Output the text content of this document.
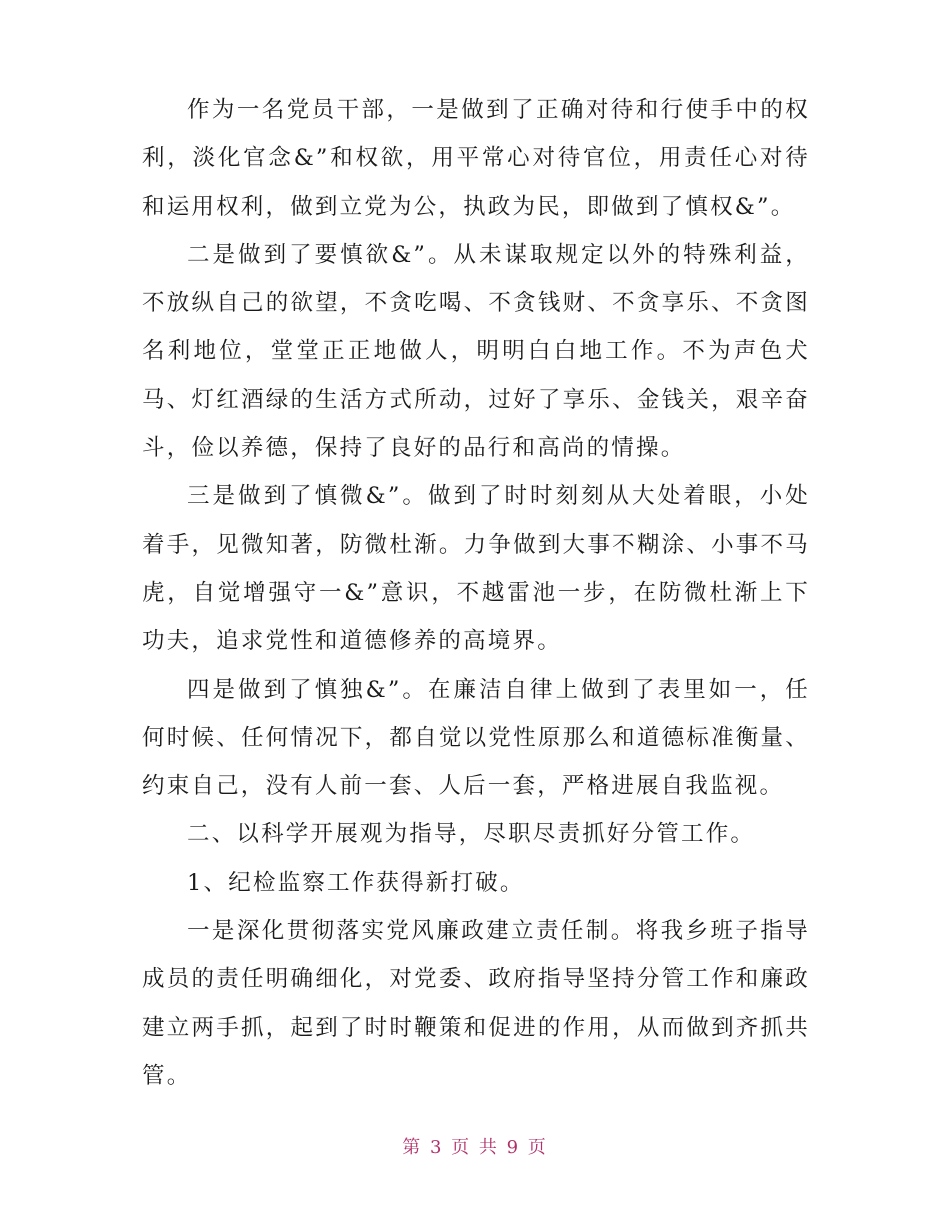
作为一名党员干部，一是做到了正确对待和行使手中的权利，淡化官念&”和权欲，用平常心对待官位，用责任心对待和运用权利，做到立党为公，执政为民，即做到了慎权&”。

二是做到了要慎欲&”。从未谋取规定以外的特殊利益，不放纵自己的欲望，不贪吃喝、不贪钱财、不贪享乐、不贪图名利地位，堂堂正正地做人，明明白白地工作。不为声色犬马、灯红酒绿的生活方式所动，过好了享乐、金钱关，艰辛奋斗，俭以养德，保持了良好的品行和高尚的情操。

三是做到了慎微&”。做到了时时刻刻从大处着眼，小处着手，见微知著，防微杜渐。力争做到大事不糊涂、小事不马虎，自觉增强守一&”意识，不越雷池一步，在防微杜渐上下功夫，追求党性和道德修养的高境界。

四是做到了慎独&”。在廉洁自律上做到了表里如一，任何时候、任何情况下，都自觉以党性原那么和道德标准衡量、约束自己，没有人前一套、人后一套，严格进展自我监视。

二、以科学开展观为指导，尽职尽责抓好分管工作。

1、纪检监察工作获得新打破。

一是深化贯彻落实党风廉政建立责任制。将我乡班子指导成员的责任明确细化，对党委、政府指导坚持分管工作和廉政建立两手抓，起到了时时鞭策和促进的作用，从而做到齐抓共管。

第 3 页 共 9 页
